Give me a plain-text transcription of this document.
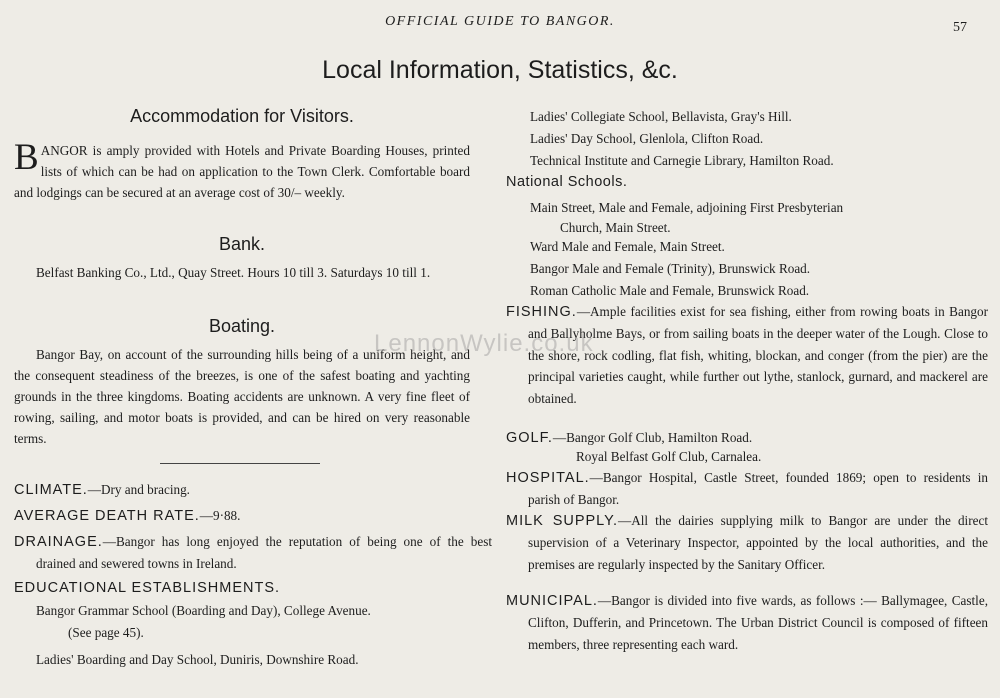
OFFICIAL GUIDE TO BANGOR.	57
Local Information, Statistics, &c.
Accommodation for Visitors.
BANGOR is amply provided with Hotels and Private Boarding Houses, printed lists of which can be had on application to the Town Clerk. Comfortable board and lodgings can be secured at an average cost of 30/– weekly.
Bank.
Belfast Banking Co., Ltd., Quay Street. Hours 10 till 3. Saturdays 10 till 1.
Boating.
Bangor Bay, on account of the surrounding hills being of a uniform height, and the consequent steadiness of the breezes, is one of the safest boating and yachting grounds in the three kingdoms. Boating accidents are unknown. A very fine fleet of rowing, sailing, and motor boats is provided, and can be hired on very reasonable terms.
CLIMATE.—Dry and bracing.
AVERAGE DEATH RATE.—9·88.
DRAINAGE.—Bangor has long enjoyed the reputation of being one of the best drained and sewered towns in Ireland.
EDUCATIONAL ESTABLISHMENTS.
Bangor Grammar School (Boarding and Day), College Avenue.
(See page 45).
Ladies' Boarding and Day School, Duniris, Downshire Road.
Ladies' Collegiate School, Bellavista, Gray's Hill.
Ladies' Day School, Glenlola, Clifton Road.
Technical Institute and Carnegie Library, Hamilton Road.
National Schools.
Main Street, Male and Female, adjoining First Presbyterian
Church, Main Street.
Ward Male and Female, Main Street.
Bangor Male and Female (Trinity), Brunswick Road.
Roman Catholic Male and Female, Brunswick Road.
FISHING.—Ample facilities exist for sea fishing, either from rowing boats in Bangor and Ballyholme Bays, or from sailing boats in the deeper water of the Lough. Close to the shore, rock codling, flat fish, whiting, blockan, and conger (from the pier) are the principal varieties caught, while further out lythe, stanlock, gurnard, and mackerel are obtained.
GOLF.—Bangor Golf Club, Hamilton Road.
Royal Belfast Golf Club, Carnalea.
HOSPITAL.—Bangor Hospital, Castle Street, founded 1869; open to residents in parish of Bangor.
MILK SUPPLY.—All the dairies supplying milk to Bangor are under the direct supervision of a Veterinary Inspector, appointed by the local authorities, and the premises are regularly inspected by the Sanitary Officer.
MUNICIPAL.—Bangor is divided into five wards, as follows :— Ballymagee, Castle, Clifton, Dufferin, and Princetown. The Urban District Council is composed of fifteen members, three representing each ward.
LennonWylie.co.uk
